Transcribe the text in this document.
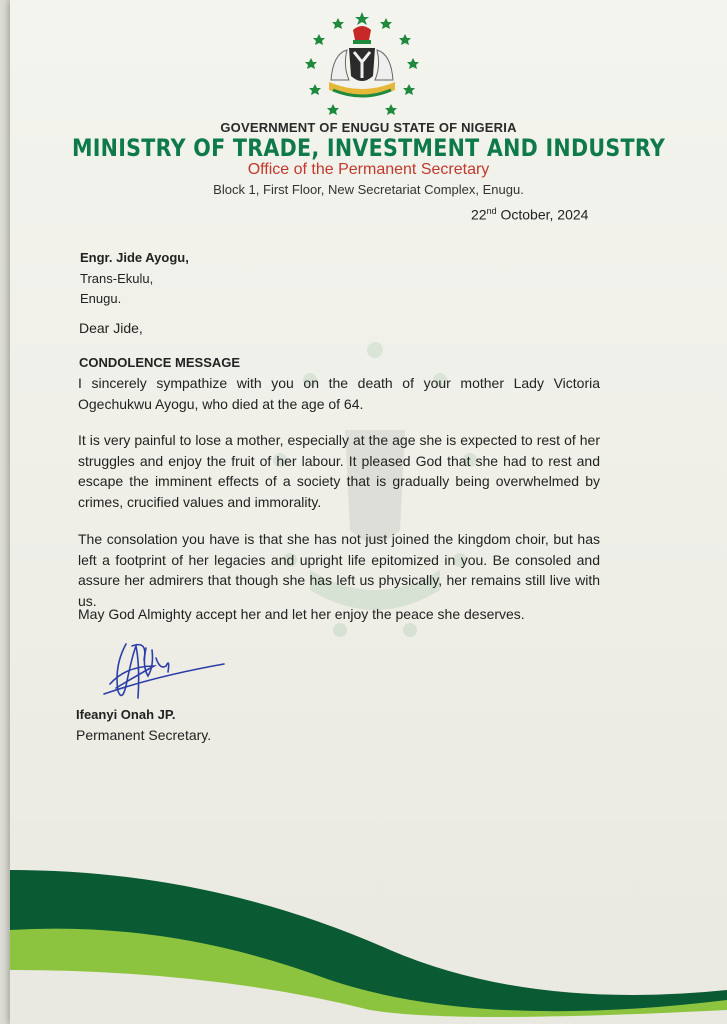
GOVERNMENT OF ENUGU STATE OF NIGERIA
MINISTRY OF TRADE, INVESTMENT AND INDUSTRY
Office of the Permanent Secretary
Block 1, First Floor, New Secretariat Complex, Enugu.
22nd October, 2024
Engr. Jide Ayogu,
Trans-Ekulu,
Enugu.
Dear Jide,
CONDOLENCE MESSAGE

I sincerely sympathize with you on the death of your mother Lady Victoria Ogechukwu Ayogu, who died at the age of 64.

It is very painful to lose a mother, especially at the age she is expected to rest of her struggles and enjoy the fruit of her labour. It pleased God that she had to rest and escape the imminent effects of a society that is gradually being overwhelmed by crimes, crucified values and immorality.

The consolation you have is that she has not just joined the kingdom choir, but has left a footprint of her legacies and upright life epitomized in you. Be consoled and assure her admirers that though she has left us physically, her remains still live with us.

May God Almighty accept her and let her enjoy the peace she deserves.
Ifeanyi Onah JP.
Permanent Secretary.
